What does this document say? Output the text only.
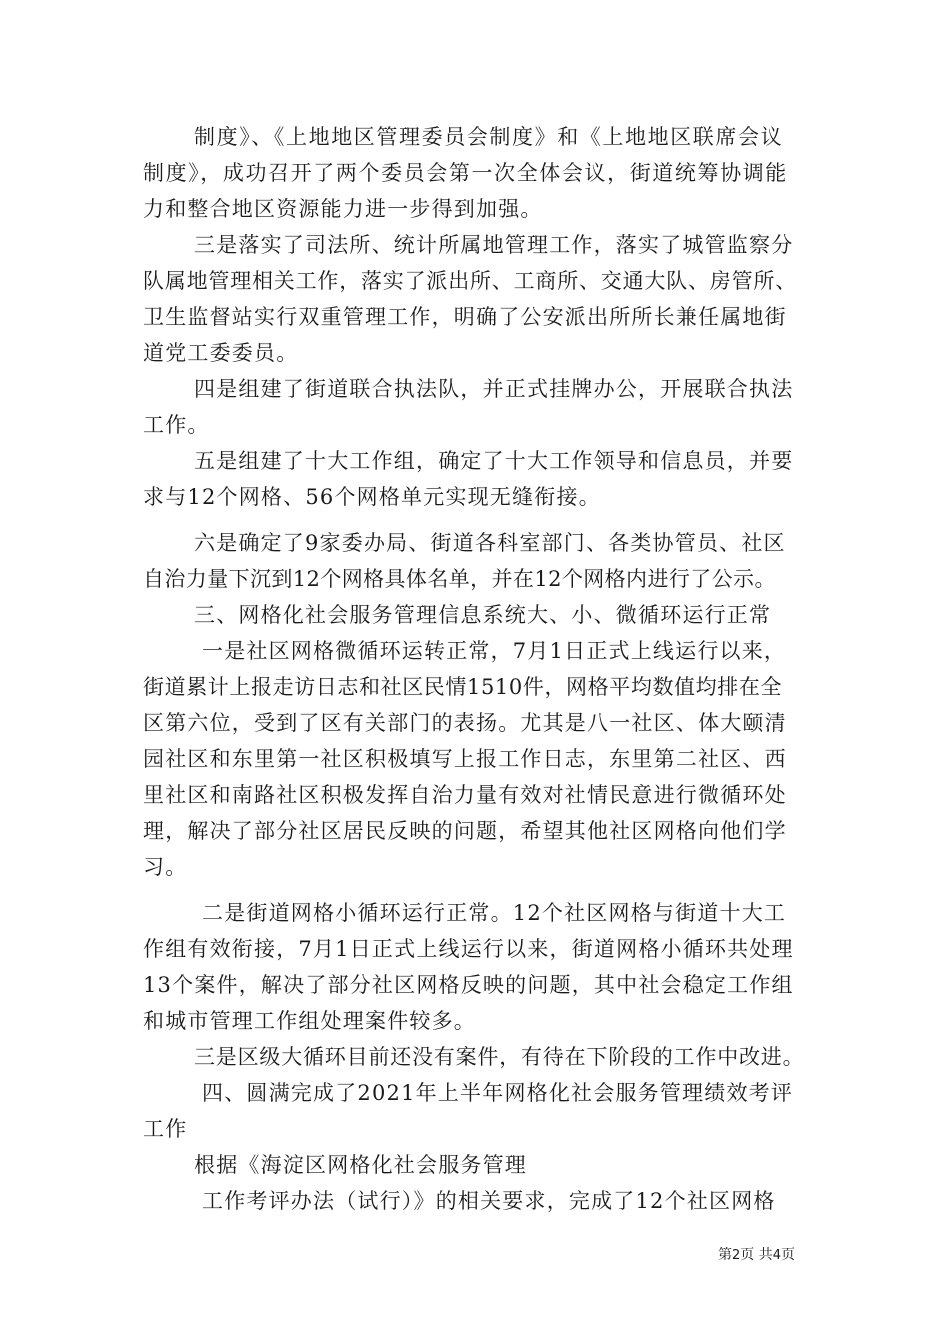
制度》、《上地地区管理委员会制度》和《上地地区联席会议
制度》，成功召开了两个委员会第一次全体会议，街道统筹协调能
力和整合地区资源能力进一步得到加强。
三是落实了司法所、统计所属地管理工作，落实了城管监察分
队属地管理相关工作，落实了派出所、工商所、交通大队、房管所、
卫生监督站实行双重管理工作，明确了公安派出所所长兼任属地街
道党工委委员。
四是组建了街道联合执法队，并正式挂牌办公，开展联合执法
工作。
五是组建了十大工作组，确定了十大工作领导和信息员，并要
求与12个网格、56个网格单元实现无缝衔接。
六是确定了9家委办局、街道各科室部门、各类协管员、社区
自治力量下沉到12个网格具体名单，并在12个网格内进行了公示。
三、网格化社会服务管理信息系统大、小、微循环运行正常
一是社区网格微循环运转正常，7月1日正式上线运行以来，
街道累计上报走访日志和社区民情1510件，网格平均数值均排在全
区第六位，受到了区有关部门的表扬。尤其是八一社区、体大颐清
园社区和东里第一社区积极填写上报工作日志，东里第二社区、西
里社区和南路社区积极发挥自治力量有效对社情民意进行微循环处
理，解决了部分社区居民反映的问题，希望其他社区网格向他们学
习。
二是街道网格小循环运行正常。12个社区网格与街道十大工
作组有效衔接，7月1日正式上线运行以来，街道网格小循环共处理
13个案件，解决了部分社区网格反映的问题，其中社会稳定工作组
和城市管理工作组处理案件较多。
三是区级大循环目前还没有案件，有待在下阶段的工作中改进。
四、圆满完成了2021年上半年网格化社会服务管理绩效考评
工作
根据《海淀区网格化社会服务管理
工作考评办法（试行）》的相关要求，完成了12个社区网格
第2页 共4页
